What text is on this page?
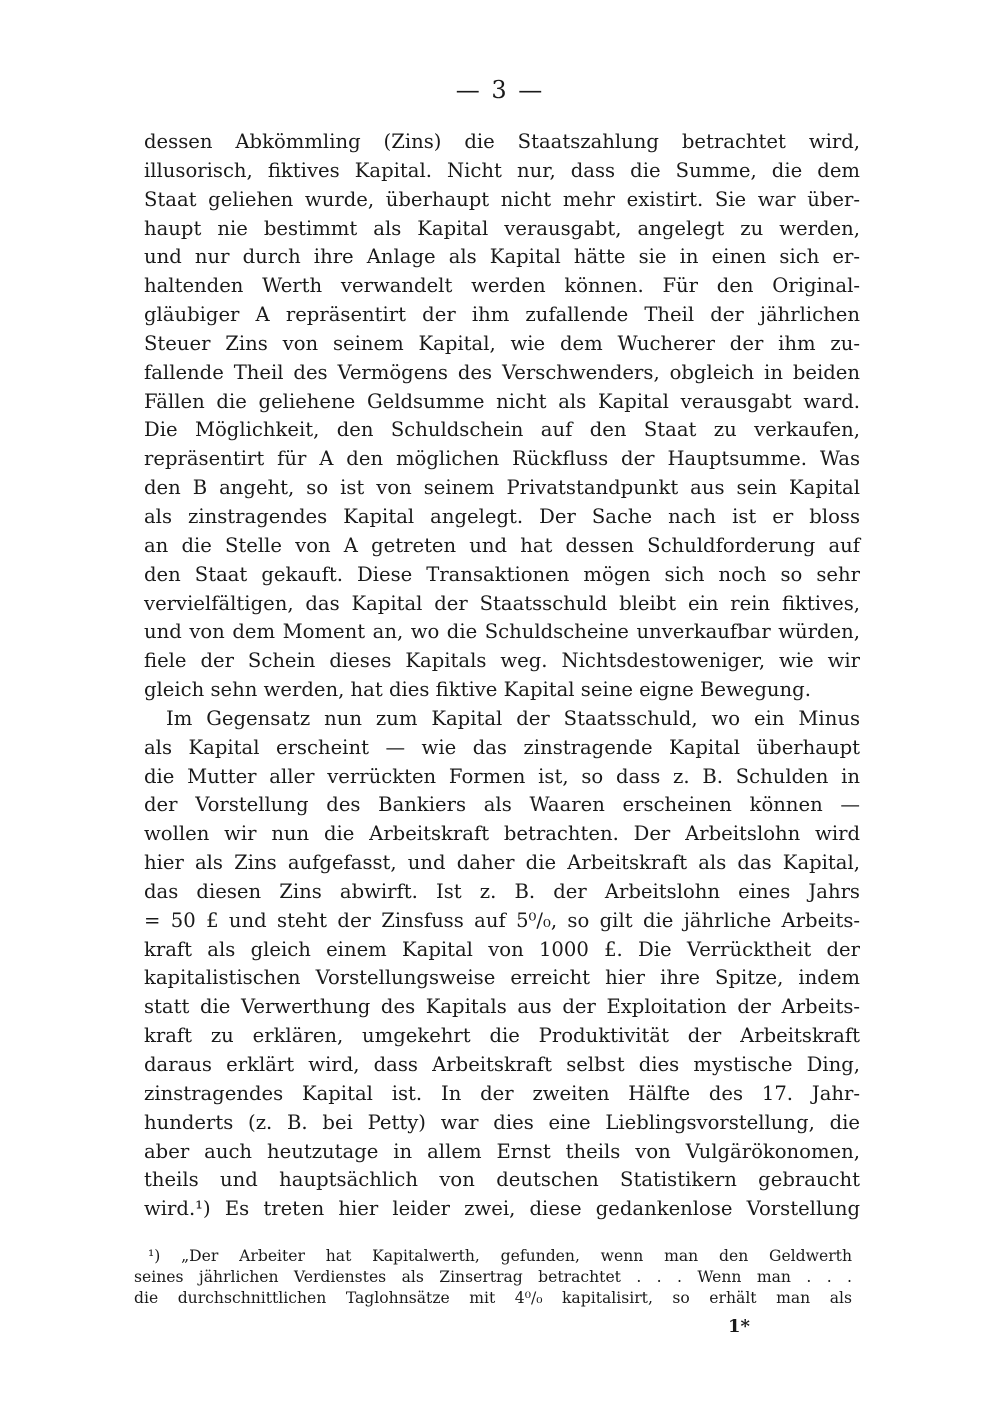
— 3 —
dessen Abkömmling (Zins) die Staatszahlung betrachtet wird,
illusorisch, fiktives Kapital. Nicht nur, dass die Summe, die dem
Staat geliehen wurde, überhaupt nicht mehr existirt. Sie war über-
haupt nie bestimmt als Kapital verausgabt, angelegt zu werden,
und nur durch ihre Anlage als Kapital hätte sie in einen sich er-
haltenden Werth verwandelt werden können. Für den Original-
gläubiger A repräsentirt der ihm zufallende Theil der jährlichen
Steuer Zins von seinem Kapital, wie dem Wucherer der ihm zu-
fallende Theil des Vermögens des Verschwenders, obgleich in beiden
Fällen die geliehene Geldsumme nicht als Kapital verausgabt ward.
Die Möglichkeit, den Schuldschein auf den Staat zu verkaufen,
repräsentirt für A den möglichen Rückfluss der Hauptsumme. Was
den B angeht, so ist von seinem Privatstandpunkt aus sein Kapital
als zinstragendes Kapital angelegt. Der Sache nach ist er bloss
an die Stelle von A getreten und hat dessen Schuldforderung auf
den Staat gekauft. Diese Transaktionen mögen sich noch so sehr
vervielfältigen, das Kapital der Staatsschuld bleibt ein rein fiktives,
und von dem Moment an, wo die Schuldscheine unverkaufbar würden,
fiele der Schein dieses Kapitals weg. Nichtsdestoweniger, wie wir
gleich sehn werden, hat dies fiktive Kapital seine eigne Bewegung.
Im Gegensatz nun zum Kapital der Staatsschuld, wo ein Minus
als Kapital erscheint — wie das zinstragende Kapital überhaupt
die Mutter aller verrückten Formen ist, so dass z. B. Schulden in
der Vorstellung des Bankiers als Waaren erscheinen können —
wollen wir nun die Arbeitskraft betrachten. Der Arbeitslohn wird
hier als Zins aufgefasst, und daher die Arbeitskraft als das Kapital,
das diesen Zins abwirft. Ist z. B. der Arbeitslohn eines Jahrs
= 50 £ und steht der Zinsfuss auf 5⁰/₀, so gilt die jährliche Arbeits-
kraft als gleich einem Kapital von 1000 £. Die Verrücktheit der
kapitalistischen Vorstellungsweise erreicht hier ihre Spitze, indem
statt die Verwerthung des Kapitals aus der Exploitation der Arbeits-
kraft zu erklären, umgekehrt die Produktivität der Arbeitskraft
daraus erklärt wird, dass Arbeitskraft selbst dies mystische Ding,
zinstragendes Kapital ist. In der zweiten Hälfte des 17. Jahr-
hunderts (z. B. bei Petty) war dies eine Lieblingsvorstellung, die
aber auch heutzutage in allem Ernst theils von Vulgärökonomen,
theils und hauptsächlich von deutschen Statistikern gebraucht
wird.¹) Es treten hier leider zwei, diese gedankenlose Vorstellung
¹) „Der Arbeiter hat Kapitalwerth, gefunden, wenn man den Geldwerth
seines jährlichen Verdienstes als Zinsertrag betrachtet . . . Wenn man . . .
die durchschnittlichen Taglohnsätze mit 4⁰/₀ kapitalisirt, so erhält man als
1*
